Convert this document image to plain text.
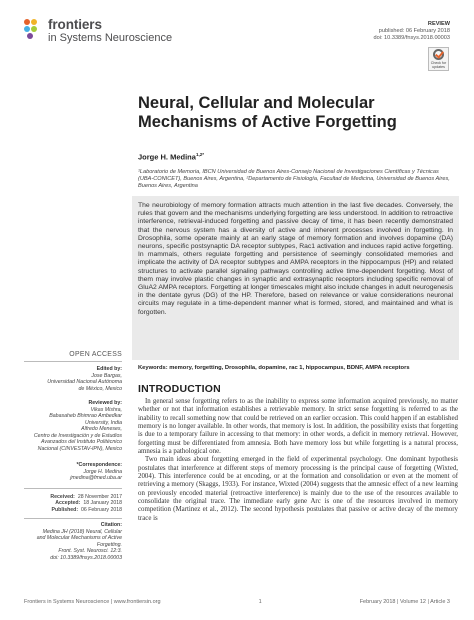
frontiers
in Systems Neuroscience
REVIEW
published: 06 February 2018
doi: 10.3389/fnsys.2018.00003
Check for updates
Neural, Cellular and Molecular Mechanisms of Active Forgetting
Jorge H. Medina$^{1,2*}$
¹Laboratorio de Memoria, IBCN Universidad de Buenos Aires-Consejo Nacional de Investigaciones Científicas y Técnicas (UBA-CONICET), Buenos Aires, Argentina, ²Departamento de Fisiología, Facultad de Medicina, Universidad de Buenos Aires, Buenos Aires, Argentina
The neurobiology of memory formation attracts much attention in the last five decades. Conversely, the rules that govern and the mechanisms underlying forgetting are less understood. In addition to retroactive interference, retrieval-induced forgetting and passive decay of time, it has been recently demonstrated that the nervous system has a diversity of active and inherent processes involved in forgetting. In Drosophila, some operate mainly at an early stage of memory formation and involves dopamine (DA) neurons, specific postsynaptic DA receptor subtypes, Rac1 activation and induces rapid active forgetting. In mammals, others regulate forgetting and persistence of seemingly consolidated memories and implicate the activity of DA receptor subtypes and AMPA receptors in the hippocampus (HP) and related structures to activate parallel signaling pathways controlling active time-dependent forgetting. Most of them may involve plastic changes in synaptic and extrasynaptic receptors including specific removal of GluA2 AMPA receptors. Forgetting at longer timescales might also include changes in adult neurogenesis in the dentate gyrus (DG) of the HP. Therefore, based on relevance or value considerations neuronal circuits may regulate in a time-dependent manner what is formed, stored, and maintained and what is forgotten.
Keywords: memory, forgetting, Drosophila, dopamine, rac 1, hippocampus, BDNF, AMPA receptors
OPEN ACCESS
Edited by:
Jose Bargas,
Universidad Nacional Autónoma
de México, Mexico
Reviewed by:
Vikas Mishra,
Babasaheb Bhimrao Ambedkar
University, India
Alfredo Meneses,
Centro de Investigación y de Estudios
Avanzados del Instituto Politécnico
Nacional (CINVESTAV-IPN), Mexico
*Correspondence:
Jorge H. Medina
jmedina@fmed.uba.ar
Received: 28 November 2017
Accepted: 18 January 2018
Published: 06 February 2018
Citation:
Medina JH (2018) Neural, Cellular
and Molecular Mechanisms of Active
Forgetting.
Front. Syst. Neurosci. 12:3.
doi: 10.3389/fnsys.2018.00003
INTRODUCTION

In general sense forgetting refers to as the inability to express some information acquired previously, no matter whether or not that information establishes a retrievable memory. In strict sense forgetting is referred to as the inability to recall something now that could be retrieved on an earlier occasion. This could happen if an established memory is no longer available. In other words, that memory is lost. In addition, the possibility exists that forgetting is due to a temporary failure in accessing to that memory: in other words, a deficit in memory retrieval. However, forgetting must be differentiated from amnesia. Both have memory loss but while forgetting is a natural process, amnesia is a pathological one.

Two main ideas about forgetting emerged in the field of experimental psychology. One dominant hypothesis postulates that interference at different steps of memory processing is the principal cause of forgetting (Wixted, 2004). This interference could be at encoding, or at the formation and consolidation or even at the moment of retrieving a memory (Skaggs, 1933). For instance, Wixted (2004) suggests that the amnesic effect of a new learning on previously encoded material (retroactive interference) is mainly due to the use of the resources available to consolidate the original trace. The immediate early gene Arc is one of the resources involved in memory competition (Martinez et al., 2012). The second hypothesis postulates that passive or active decay of the memory trace is

Frontiers in Systems Neuroscience | www.frontiersin.org	1	February 2018 | Volume 12 | Article 3
